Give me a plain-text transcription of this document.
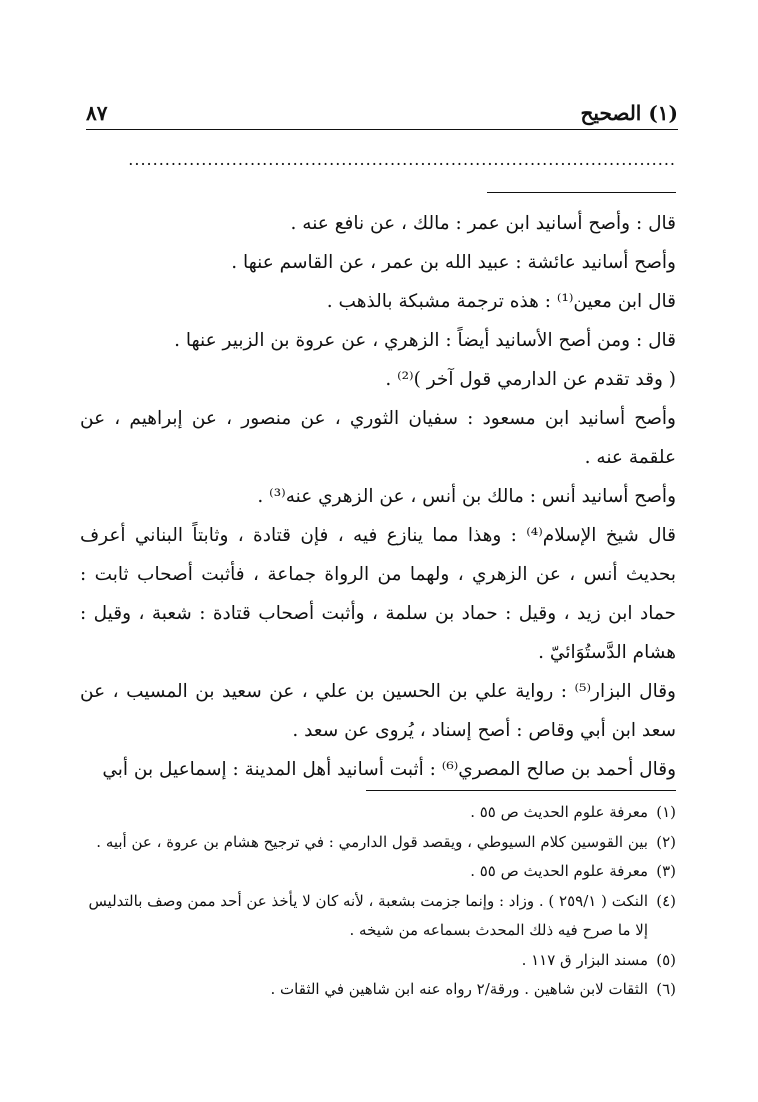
٨٧	(١) الصحيح
..........................................................................................

قال : وأصح أسانيد ابن عمر : مالك ، عن نافع عنه .

وأصح أسانيد عائشة : عبيد الله بن عمر ، عن القاسم عنها .

قال ابن معين⁽¹⁾ : هذه ترجمة مشبكة بالذهب .

قال : ومن أصح الأسانيد أيضاً : الزهري ، عن عروة بن الزبير عنها .

( وقد تقدم عن الدارمي قول آخر )⁽²⁾ .

وأصح أسانيد ابن مسعود : سفيان الثوري ، عن منصور ، عن إبراهيم ، عن علقمة عنه .

وأصح أسانيد أنس : مالك بن أنس ، عن الزهري عنه⁽³⁾ .

قال شيخ الإسلام⁽⁴⁾ : وهذا مما ينازع فيه ، فإن قتادة ، وثابتاً البناني أعرف بحديث أنس ، عن الزهري ، ولهما من الرواة جماعة ، فأثبت أصحاب ثابت : حماد ابن زيد ، وقيل : حماد بن سلمة ، وأثبت أصحاب قتادة : شعبة ، وقيل : هشام الدَّستُوَائيّ .

وقال البزار⁽⁵⁾ : رواية علي بن الحسين بن علي ، عن سعيد بن المسيب ، عن سعد ابن أبي وقاص : أصح إسناد ، يُروى عن سعد .

وقال أحمد بن صالح المصري⁽⁶⁾ : أثبت أسانيد أهل المدينة : إسماعيل بن أبي

(١)
معرفة علوم الحديث ص ٥٥ .
(٢)
بين القوسين كلام السيوطي ، ويقصد قول الدارمي : في ترجيح هشام بن عروة ، عن أبيه .
(٣)
معرفة علوم الحديث ص ٥٥ .
(٤)
النكت ( ٢٥٩/١ ) . وزاد : وإنما جزمت بشعبة ، لأنه كان لا يأخذ عن أحد ممن وصف بالتدليس إلا ما صرح فيه ذلك المحدث بسماعه من شيخه .
(٥)
مسند البزار ق ١١٧ .
(٦)
الثقات لابن شاهين . ورقة/٢ رواه عنه ابن شاهين في الثقات .
